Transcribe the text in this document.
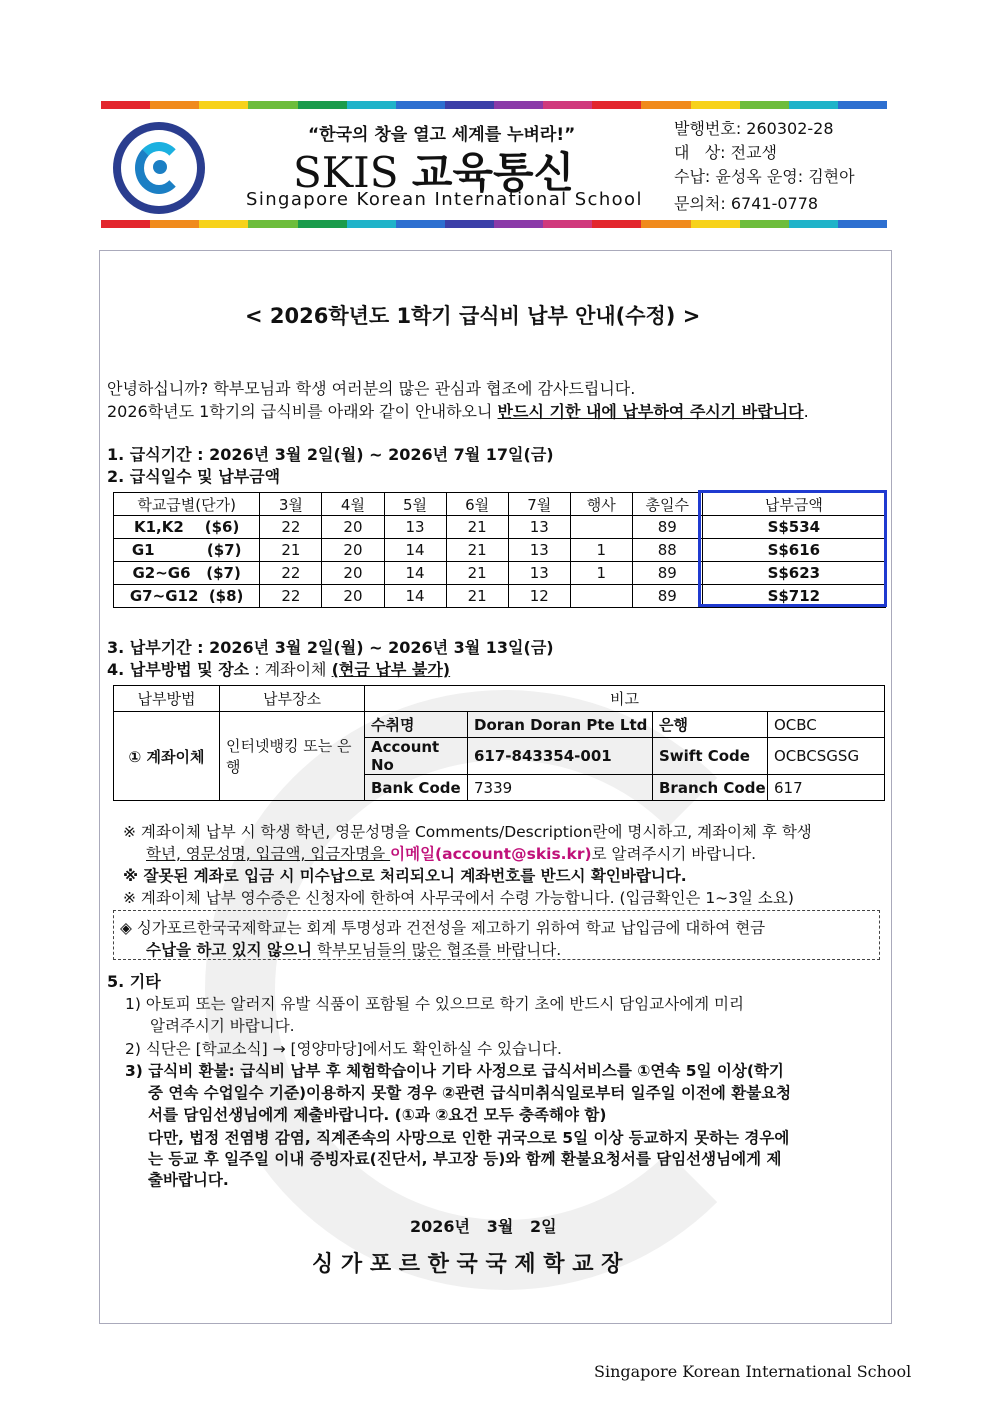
1993
“한국의 창을 열고 세계를 누벼라!”
SKIS 교육통신
Singapore Korean International School
발행번호: 260302-28
대   상: 전교생
수납: 윤성옥 운영: 김현아
문의처: 6741-0778
< 2026학년도 1학기 급식비 납부 안내(수정) >
안녕하십니까? 학부모님과 학생 여러분의 많은 관심과 협조에 감사드립니다.
2026학년도 1학기의 급식비를 아래와 같이 안내하오니 반드시 기한 내에 납부하여 주시기 바랍니다.
1. 급식기간 : 2026년 3월 2일(월) ~ 2026년 7월 17일(금)
2. 급식일수 및 납부금액
학교급별(단가)	3월	4월	5월	6월	7월	행사	총일수	납부금액
K1,K2    ($6)	22	20	13	21	13		89	S$534
G1          ($7)	21	20	14	21	13	1	88	S$616
G2~G6   ($7)	22	20	14	21	13	1	89	S$623
G7~G12  ($8)	22	20	14	21	12		89	S$712
3. 납부기간 : 2026년 3월 2일(월) ~ 2026년 3월 13일(금)
4. 납부방법 및 장소 : 계좌이체 (현금 납부 불가)
납부방법	납부장소	비고			
① 계좌이체	인터넷뱅킹 또는 은행	수취명	Doran Doran Pte Ltd	은행	OCBC
		Account No	617-843354-001	Swift Code	OCBCSGSG
		Bank Code	7339	Branch Code	617
※ 계좌이체 납부 시 학생 학년, 영문성명을 Comments/Description란에 명시하고, 계좌이체 후 학생
학년, 영문성명, 입금액, 입금자명을 이메일(account@skis.kr)로 알려주시기 바랍니다.
※ 잘못된 계좌로 입금 시 미수납으로 처리되오니 계좌번호를 반드시 확인바랍니다.
※ 계좌이체 납부 영수증은 신청자에 한하여 사무국에서 수령 가능합니다. (입금확인은 1~3일 소요)
◈ 싱가포르한국국제학교는 회계 투명성과 건전성을 제고하기 위하여 학교 납입금에 대하여 현금
수납을 하고 있지 않으니 학부모님들의 많은 협조를 바랍니다.
5. 기타
1) 아토피 또는 알러지 유발 식품이 포함될 수 있으므로 학기 초에 반드시 담임교사에게 미리
알려주시기 바랍니다.
2) 식단은 [학교소식] → [영양마당]에서도 확인하실 수 있습니다.
3) 급식비 환불: 급식비 납부 후 체험학습이나 기타 사정으로 급식서비스를 ①연속 5일 이상(학기
중 연속 수업일수 기준)이용하지 못할 경우 ②관련 급식미취식일로부터 일주일 이전에 환불요청
서를 담임선생님에게 제출바랍니다. (①과 ②요건 모두 충족해야 함)
다만, 법정 전염병 감염, 직계존속의 사망으로 인한 귀국으로 5일 이상 등교하지 못하는 경우에
는 등교 후 일주일 이내 증빙자료(진단서, 부고장 등)와 함께 환불요청서를 담임선생님에게 제
출바랍니다.
2026년   3월   2일
싱 가 포 르 한 국 국 제 학 교 장
Singapore Korean International School
